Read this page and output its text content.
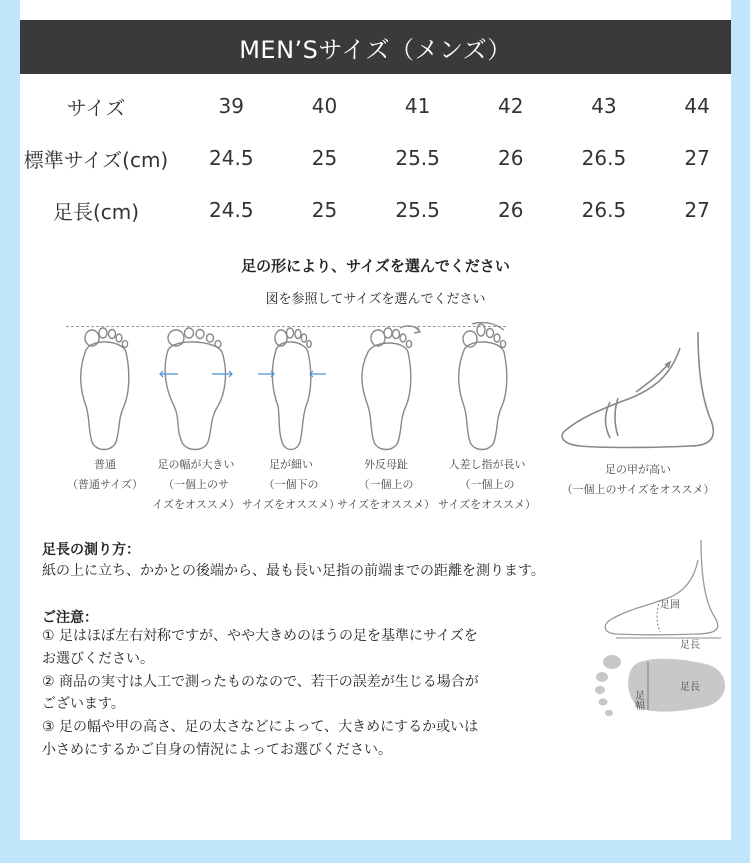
MEN’Sサイズ（メンズ）
サイズ	39	40	41	42	43	44
標準サイズ(cm)	24.5	25	25.5	26	26.5	27
足長(cm)	24.5	25	25.5	26	26.5	27
足の形により、サイズを選んでください
図を参照してサイズを選んでください
普通
（普通サイズ）
足の幅が大きい
（一個上のサ
イズをオススメ）
足が細い
（一個下の
サイズをオススメ）
外反母趾
（一個上の
サイズをオススメ）
人差し指が長い
（一個上の
サイズをオススメ）
足の甲が高い
（一個上のサイズをオススメ）
足長の測り方：
紙の上に立ち、かかとの後端から、最も長い足指の前端までの距離を測ります。
ご注意：
① 足はほぼ左右対称ですが、やや大きめのほうの足を基準にサイズを
お選びください。
② 商品の実寸は人工で測ったものなので、若干の誤差が生じる場合が
ございます。
③ 足の幅や甲の高さ、足の太さなどによって、大きめにするか或いは
小さめにするかご自身の情況によってお選びください。
足囲
足長
足幅
足長
